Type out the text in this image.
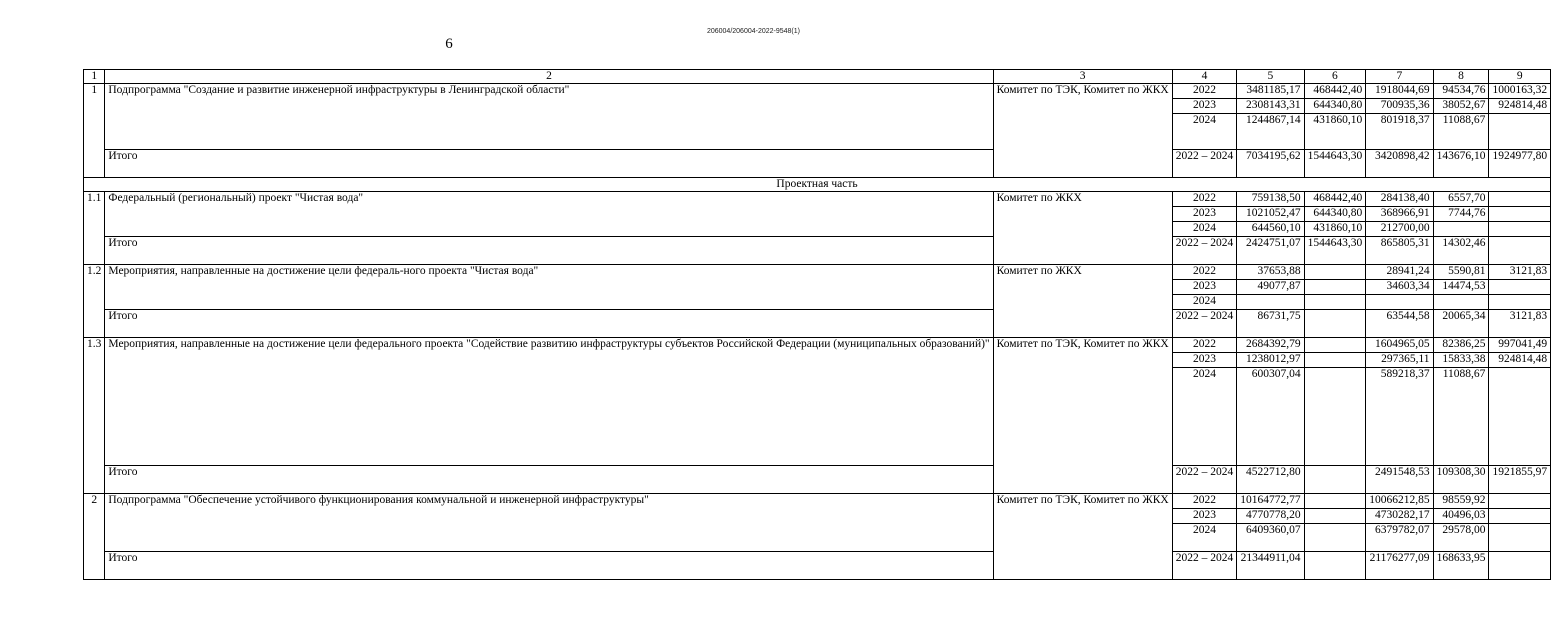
206004/206004-2022-9548(1)
6
1	2	3	4	5	6	7	8	9
1	Подпрограмма "Создание и развитие инженерной инфраструктуры в Ленинградской области"	Комитет по ТЭК, Комитет по ЖКХ	2022	3481185,17	468442,40	1918044,69	94534,76	1000163,32
			2023	2308143,31	644340,80	700935,36	38052,67	924814,48
			2024	1244867,14	431860,10	801918,37	11088,67	
	Итого		2022 – 2024	7034195,62	1544643,30	3420898,42	143676,10	1924977,80
Проектная часть								
1.1	Федеральный (региональный) проект "Чистая вода"	Комитет по ЖКХ	2022	759138,50	468442,40	284138,40	6557,70	
			2023	1021052,47	644340,80	368966,91	7744,76	
			2024	644560,10	431860,10	212700,00		
	Итого		2022 – 2024	2424751,07	1544643,30	865805,31	14302,46	
1.2	Мероприятия, направленные на достижение цели федераль-ного проекта "Чистая вода"	Комитет по ЖКХ	2022	37653,88		28941,24	5590,81	3121,83
			2023	49077,87		34603,34	14474,53	
			2024					
	Итого		2022 – 2024	86731,75		63544,58	20065,34	3121,83
1.3	Мероприятия, направленные на достижение цели федерального проекта "Содействие развитию инфраструктуры субъектов Российской Федерации (муниципальных образований)"	Комитет по ТЭК, Комитет по ЖКХ	2022	2684392,79		1604965,05	82386,25	997041,49
			2023	1238012,97		297365,11	15833,38	924814,48
			2024	600307,04		589218,37	11088,67	
	Итого		2022 – 2024	4522712,80		2491548,53	109308,30	1921855,97
2	Подпрограмма "Обеспечение устойчивого функционирования коммунальной и инженерной инфраструктуры"	Комитет по ТЭК, Комитет по ЖКХ	2022	10164772,77		10066212,85	98559,92	
			2023	4770778,20		4730282,17	40496,03	
			2024	6409360,07		6379782,07	29578,00	
	Итого		2022 – 2024	21344911,04		21176277,09	168633,95	
